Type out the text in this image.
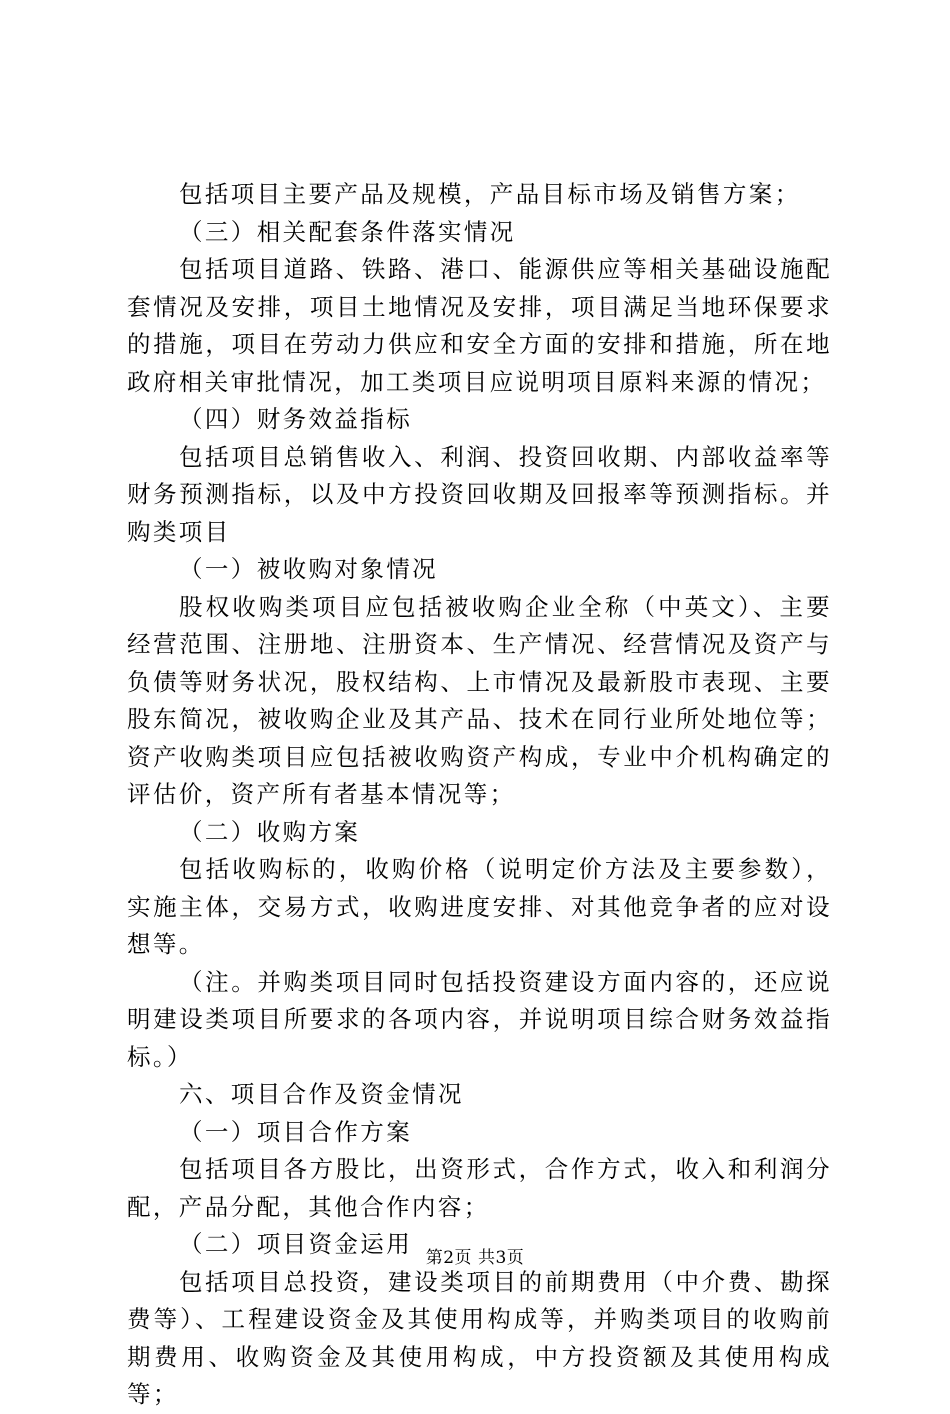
包括项目主要产品及规模，产品目标市场及销售方案；

（三）相关配套条件落实情况

包括项目道路、铁路、港口、能源供应等相关基础设施配套情况及安排，项目土地情况及安排，项目满足当地环保要求的措施，项目在劳动力供应和安全方面的安排和措施，所在地政府相关审批情况，加工类项目应说明项目原料来源的情况；

（四）财务效益指标

包括项目总销售收入、利润、投资回收期、内部收益率等财务预测指标，以及中方投资回收期及回报率等预测指标。并购类项目

（一）被收购对象情况

股权收购类项目应包括被收购企业全称（中英文）、主要经营范围、注册地、注册资本、生产情况、经营情况及资产与负债等财务状况，股权结构、上市情况及最新股市表现、主要股东简况，被收购企业及其产品、技术在同行业所处地位等；资产收购类项目应包括被收购资产构成，专业中介机构确定的评估价，资产所有者基本情况等；

（二）收购方案

包括收购标的，收购价格（说明定价方法及主要参数），实施主体，交易方式，收购进度安排、对其他竞争者的应对设想等。

（注。并购类项目同时包括投资建设方面内容的，还应说明建设类项目所要求的各项内容，并说明项目综合财务效益指标。）

六、项目合作及资金情况

（一）项目合作方案

包括项目各方股比，出资形式，合作方式，收入和利润分配，产品分配，其他合作内容；

（二）项目资金运用

包括项目总投资，建设类项目的前期费用（中介费、勘探费等）、工程建设资金及其使用构成等，并购类项目的收购前期费用、收购资金及其使用构成，中方投资额及其使用构成等；

第2页 共3页
